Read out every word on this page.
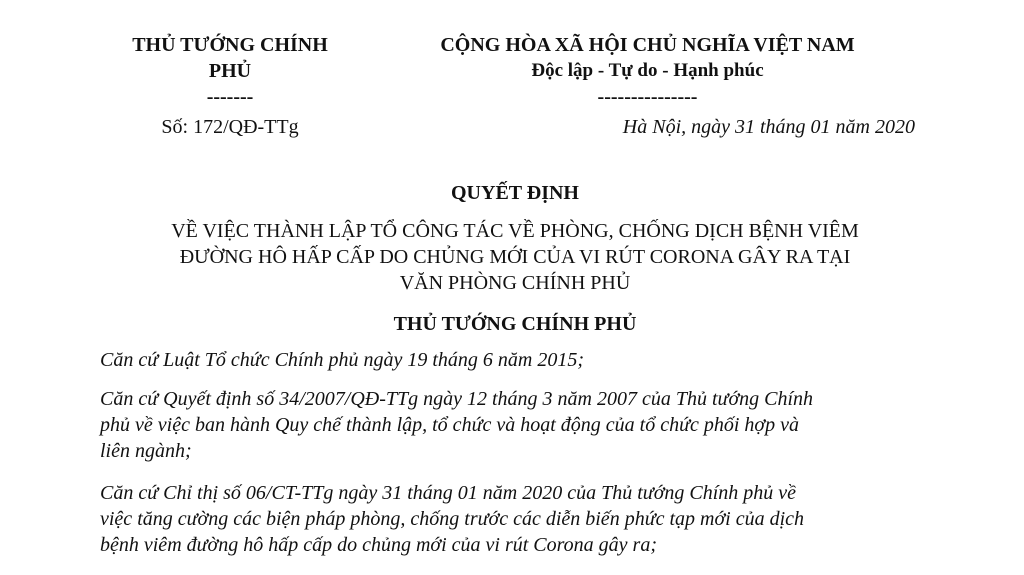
THỦ TƯỚNG CHÍNH
PHỦ
-------
CỘNG HÒA XÃ HỘI CHỦ NGHĨA VIỆT NAM
Độc lập - Tự do - Hạnh phúc
---------------
Số: 172/QĐ-TTg	Hà Nội, ngày 31 tháng 01 năm 2020
QUYẾT ĐỊNH
VỀ VIỆC THÀNH LẬP TỔ CÔNG TÁC VỀ PHÒNG, CHỐNG DỊCH BỆNH VIÊM
ĐƯỜNG HÔ HẤP CẤP DO CHỦNG MỚI CỦA VI RÚT CORONA GÂY RA TẠI
VĂN PHÒNG CHÍNH PHỦ
THỦ TƯỚNG CHÍNH PHỦ
Căn cứ Luật Tổ chức Chính phủ ngày 19 tháng 6 năm 2015;
Căn cứ Quyết định số 34/2007/QĐ-TTg ngày 12 tháng 3 năm 2007 của Thủ tướng Chính
phủ về việc ban hành Quy chế thành lập, tổ chức và hoạt động của tổ chức phối hợp và
liên ngành;
Căn cứ Chỉ thị số 06/CT-TTg ngày 31 tháng 01 năm 2020 của Thủ tướng Chính phủ về
việc tăng cường các biện pháp phòng, chống trước các diễn biến phức tạp mới của dịch
bệnh viêm đường hô hấp cấp do chủng mới của vi rút Corona gây ra;
